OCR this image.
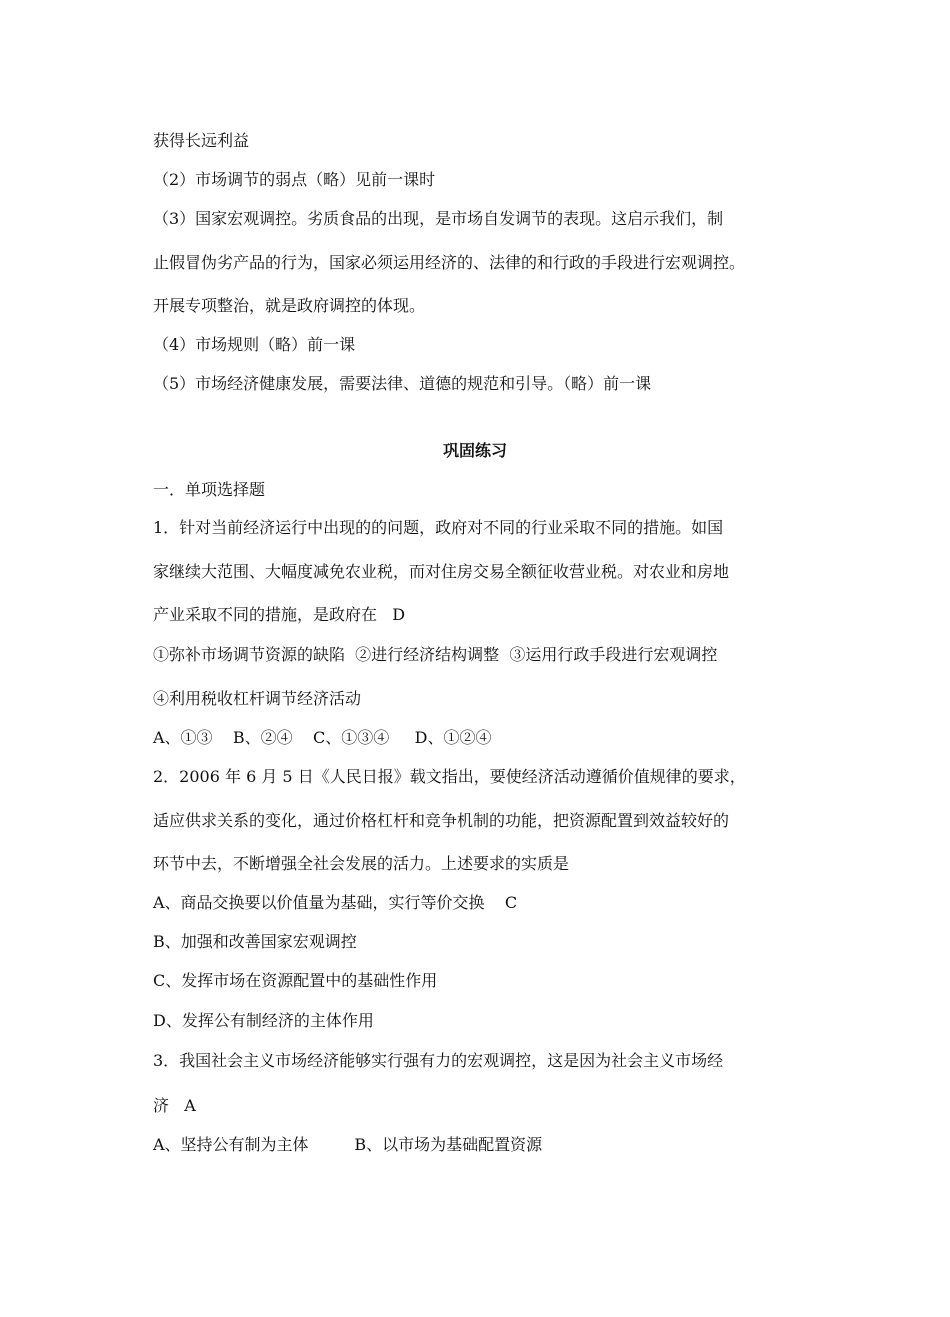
获得长远利益

（2）市场调节的弱点（略）见前一课时

（3）国家宏观调控。劣质食品的出现，是市场自发调节的表现。这启示我们，制

止假冒伪劣产品的行为，国家必须运用经济的、法律的和行政的手段进行宏观调控。

开展专项整治，就是政府调控的体现。

（4）市场规则（略）前一课

（5）市场经济健康发展，需要法律、道德的规范和引导。（略）前一课

巩固练习

一．单项选择题

1．针对当前经济运行中出现的的问题，政府对不同的行业采取不同的措施。如国

家继续大范围、大幅度减免农业税，而对住房交易全额征收营业税。对农业和房地

产业采取不同的措施，是政府在   D

①弥补市场调节资源的缺陷  ②进行经济结构调整  ③运用行政手段进行宏观调控

④利用税收杠杆调节经济活动

A、①③    B、②④    C、①③④     D、①②④

2．2006 年 6 月 5 日《人民日报》载文指出，要使经济活动遵循价值规律的要求，

适应供求关系的变化，通过价格杠杆和竞争机制的功能，把资源配置到效益较好的

环节中去，不断增强全社会发展的活力。上述要求的实质是

A、商品交换要以价值量为基础，实行等价交换    C

B、加强和改善国家宏观调控

C、发挥市场在资源配置中的基础性作用

D、发挥公有制经济的主体作用

3．我国社会主义市场经济能够实行强有力的宏观调控，这是因为社会主义市场经

济   A

A、坚持公有制为主体         B、以市场为基础配置资源
